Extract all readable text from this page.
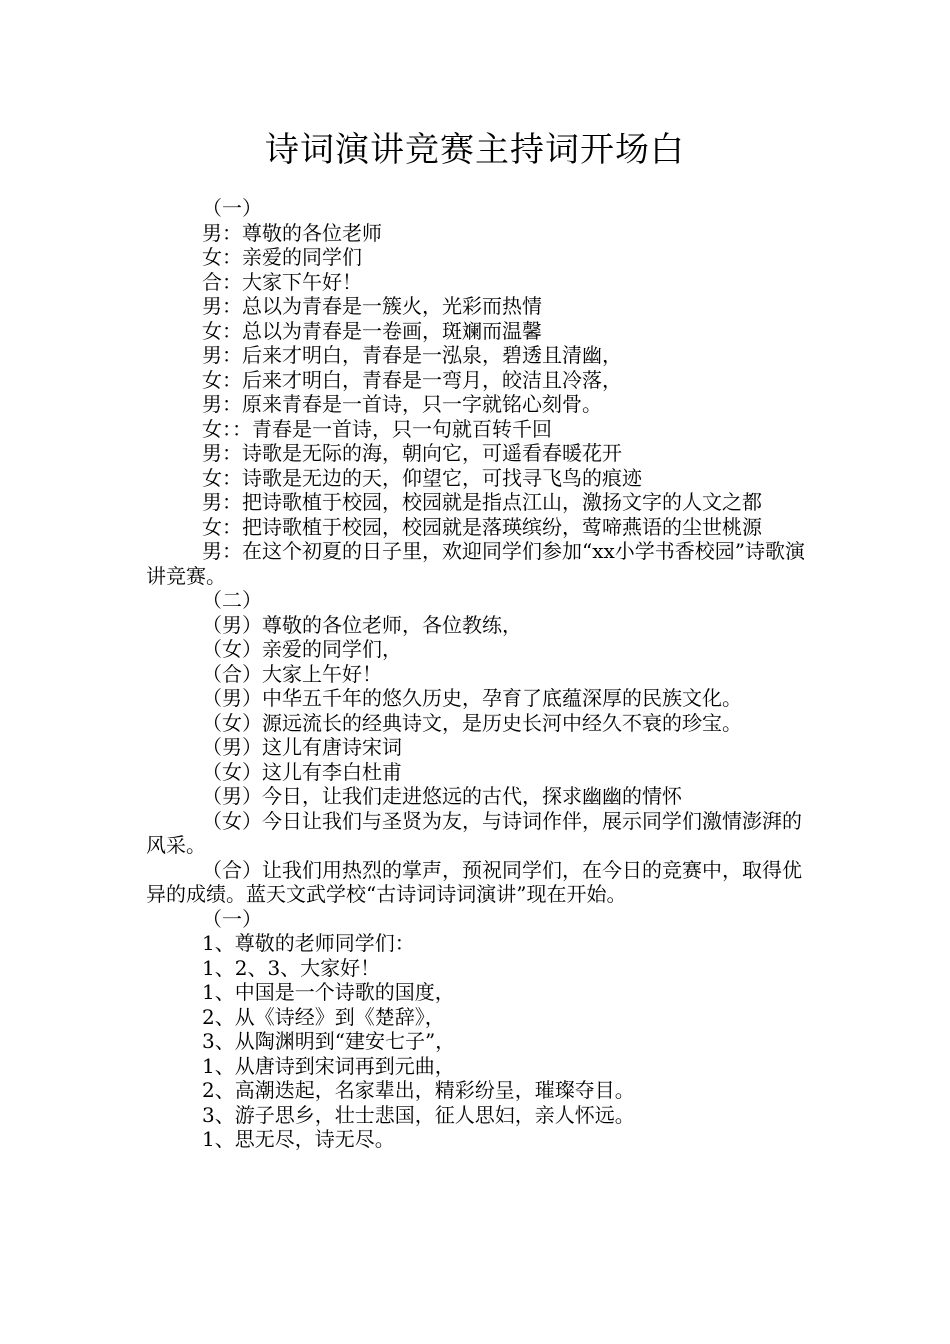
诗词演讲竞赛主持词开场白

（一）

男：尊敬的各位老师

女：亲爱的同学们

合：大家下午好！

男：总以为青春是一簇火，光彩而热情

女：总以为青春是一卷画，斑斓而温馨

男：后来才明白，青春是一泓泉，碧透且清幽，

女：后来才明白，青春是一弯月，皎洁且冷落，

男：原来青春是一首诗，只一字就铭心刻骨。

女：：青春是一首诗，只一句就百转千回

男：诗歌是无际的海，朝向它，可遥看春暖花开

女：诗歌是无边的天，仰望它，可找寻飞鸟的痕迹

男：把诗歌植于校园，校园就是指点江山，激扬文字的人文之都

女：把诗歌植于校园，校园就是落瑛缤纷，莺啼燕语的尘世桃源

男：在这个初夏的日子里，欢迎同学们参加“xx小学书香校园”诗歌演讲竞赛。

（二）

（男）尊敬的各位老师，各位教练，

（女）亲爱的同学们，

（合）大家上午好！

（男）中华五千年的悠久历史，孕育了底蕴深厚的民族文化。

（女）源远流长的经典诗文，是历史长河中经久不衰的珍宝。

（男）这儿有唐诗宋词

（女）这儿有李白杜甫

（男）今日，让我们走进悠远的古代，探求幽幽的情怀

（女）今日让我们与圣贤为友，与诗词作伴，展示同学们激情澎湃的风采。

（合）让我们用热烈的掌声，预祝同学们，在今日的竞赛中，取得优异的成绩。蓝天文武学校“古诗词诗词演讲”现在开始。

（一）

1、尊敬的老师同学们：

1、2、3、大家好！

1、中国是一个诗歌的国度，

2、从《诗经》到《楚辞》，

3、从陶渊明到“建安七子”，

1、从唐诗到宋词再到元曲，

2、高潮迭起，名家辈出，精彩纷呈，璀璨夺目。

3、游子思乡，壮士悲国，征人思妇，亲人怀远。

1、思无尽，诗无尽。
